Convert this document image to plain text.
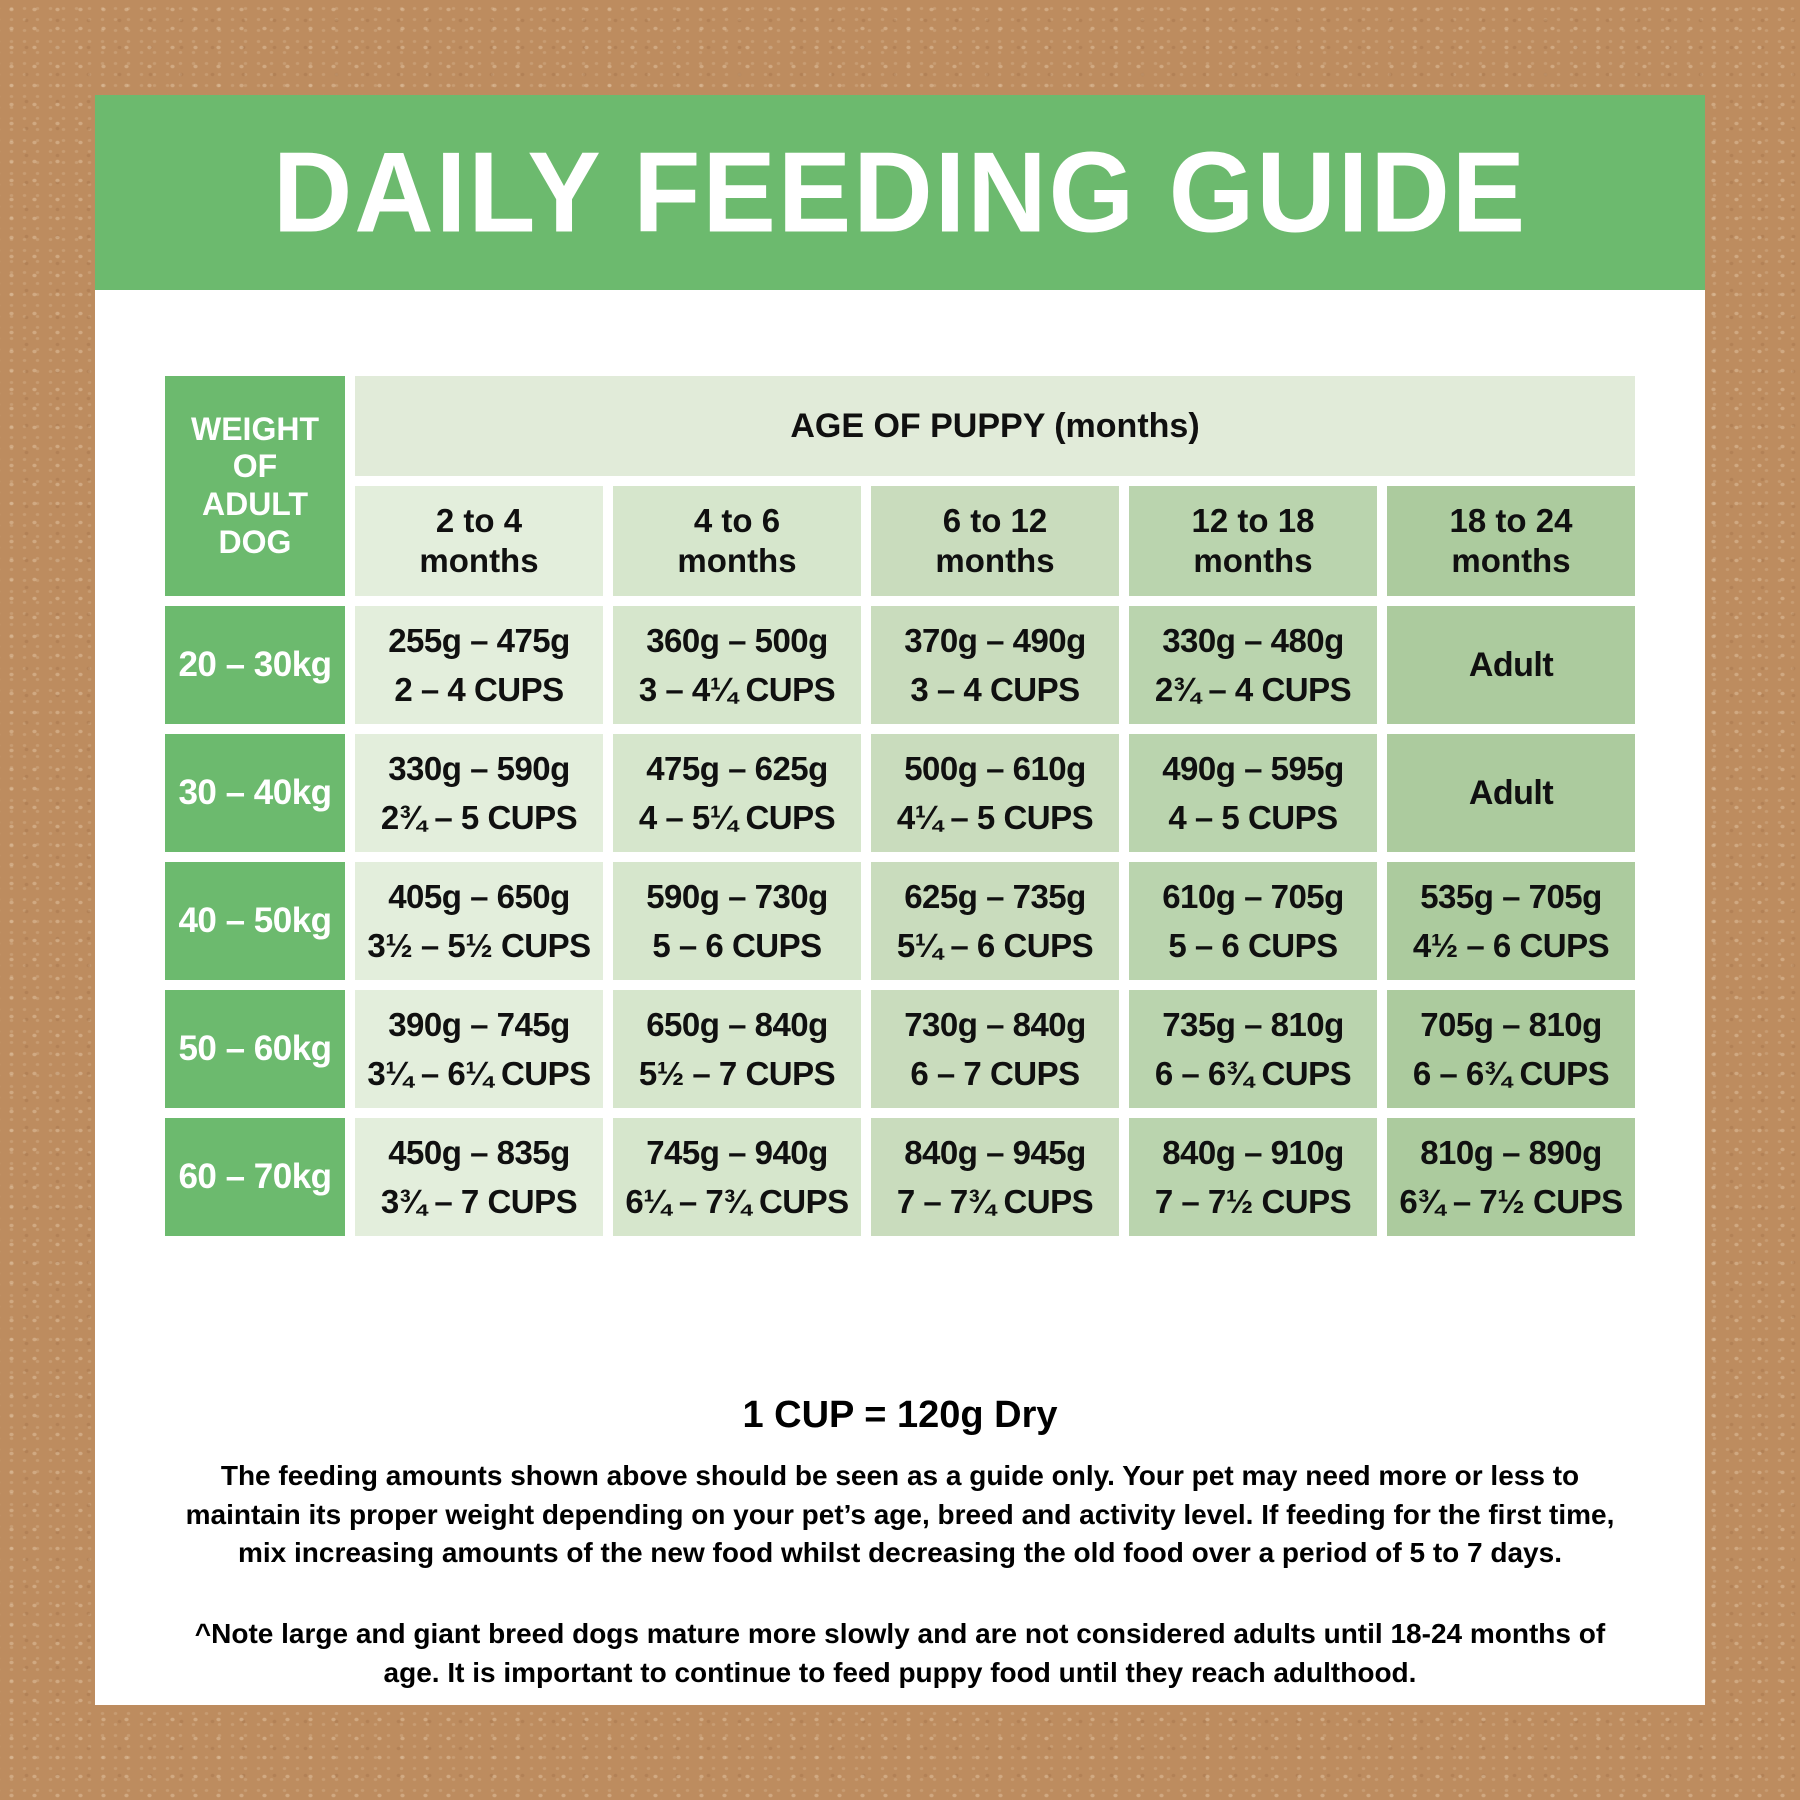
DAILY FEEDING GUIDE
WEIGHT OF ADULT DOG
AGE OF PUPPY (months)
2 to 4 months
4 to 6 months
6 to 12 months
12 to 18 months
18 to 24 months
20 – 30kg
255g – 475g
2 – 4 CUPS
360g – 500g
3 – 4¼ CUPS
370g – 490g
3 – 4 CUPS
330g – 480g
2¾ – 4 CUPS
Adult
30 – 40kg
330g – 590g
2¾ – 5 CUPS
475g – 625g
4 – 5¼ CUPS
500g – 610g
4¼ – 5 CUPS
490g – 595g
4 – 5 CUPS
Adult
40 – 50kg
405g – 650g
3½ – 5½ CUPS
590g – 730g
5 – 6 CUPS
625g – 735g
5¼ – 6 CUPS
610g – 705g
5 – 6 CUPS
535g – 705g
4½ – 6 CUPS
50 – 60kg
390g – 745g
3¼ – 6¼ CUPS
650g – 840g
5½ – 7 CUPS
730g – 840g
6 – 7 CUPS
735g – 810g
6 – 6¾ CUPS
705g – 810g
6 – 6¾ CUPS
60 – 70kg
450g – 835g
3¾ – 7 CUPS
745g – 940g
6¼ – 7¾ CUPS
840g – 945g
7 – 7¾ CUPS
840g – 910g
7 – 7½ CUPS
810g – 890g
6¾ – 7½ CUPS

1 CUP = 120g Dry

The feeding amounts shown above should be seen as a guide only. Your pet may need more or less to maintain its proper weight depending on your pet’s age, breed and activity level. If feeding for the first time, mix increasing amounts of the new food whilst decreasing the old food over a period of 5 to 7 days.

^Note large and giant breed dogs mature more slowly and are not considered adults until 18-24 months of age. It is important to continue to feed puppy food until they reach adulthood.
